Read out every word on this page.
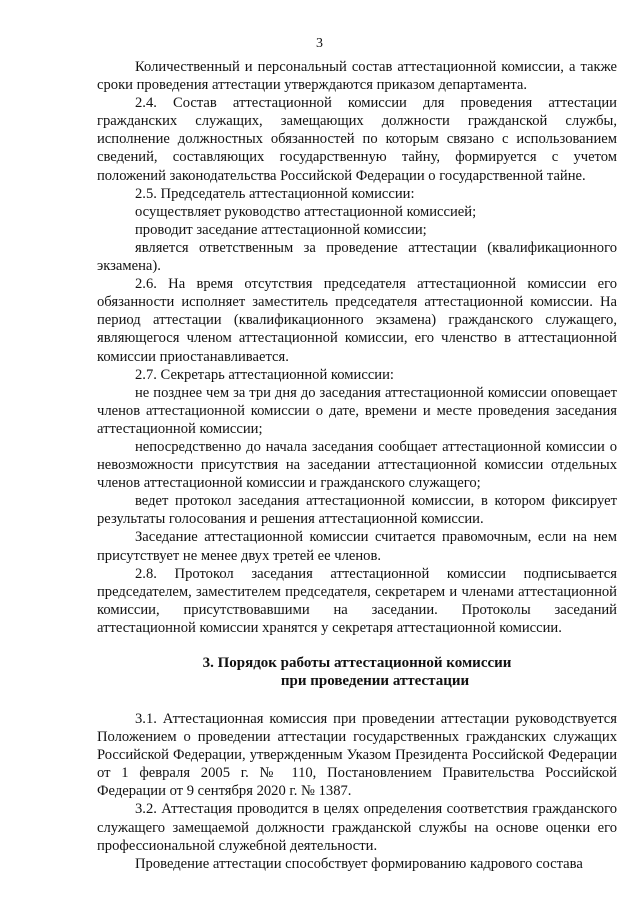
3

Количественный и персональный состав аттестационной комиссии, а также сроки проведения аттестации утверждаются приказом департамента.

2.4. Состав аттестационной комиссии для проведения аттестации гражданских служащих, замещающих должности гражданской службы, исполнение должностных обязанностей по которым связано с использованием сведений, составляющих государственную тайну, формируется с учетом положений законодательства Российской Федерации о государственной тайне.

2.5. Председатель аттестационной комиссии:

осуществляет руководство аттестационной комиссией;

проводит заседание аттестационной комиссии;

является ответственным за проведение аттестации (квалификационного экзамена).

2.6. На время отсутствия председателя аттестационной комиссии его обязанности исполняет заместитель председателя аттестационной комиссии. На период аттестации (квалификационного экзамена) гражданского служащего, являющегося членом аттестационной комиссии, его членство в аттестационной комиссии приостанавливается.

2.7. Секретарь аттестационной комиссии:

не позднее чем за три дня до заседания аттестационной комиссии оповещает членов аттестационной комиссии о дате, времени и месте проведения заседания аттестационной комиссии;

непосредственно до начала заседания сообщает аттестационной комиссии о невозможности присутствия на заседании аттестационной комиссии отдельных членов аттестационной комиссии и гражданского служащего;

ведет протокол заседания аттестационной комиссии, в котором фиксирует результаты голосования и решения аттестационной комиссии.

Заседание аттестационной комиссии считается правомочным, если на нем присутствует не менее двух третей ее членов.

2.8. Протокол заседания аттестационной комиссии подписывается председателем, заместителем председателя, секретарем и членами аттестационной комиссии, присутствовавшими на заседании. Протоколы заседаний аттестационной комиссии хранятся у секретаря аттестационной комиссии.

3. Порядок работы аттестационной комиссии
при проведении аттестации

3.1. Аттестационная комиссия при проведении аттестации руководствуется Положением о проведении аттестации государственных гражданских служащих Российской Федерации, утвержденным Указом Президента Российской Федерации от 1 февраля 2005 г. № 110, Постановлением Правительства Российской Федерации от 9 сентября 2020 г. № 1387.

3.2. Аттестация проводится в целях определения соответствия гражданского служащего замещаемой должности гражданской службы на основе оценки его профессиональной служебной деятельности.

Проведение аттестации способствует формированию кадрового состава
